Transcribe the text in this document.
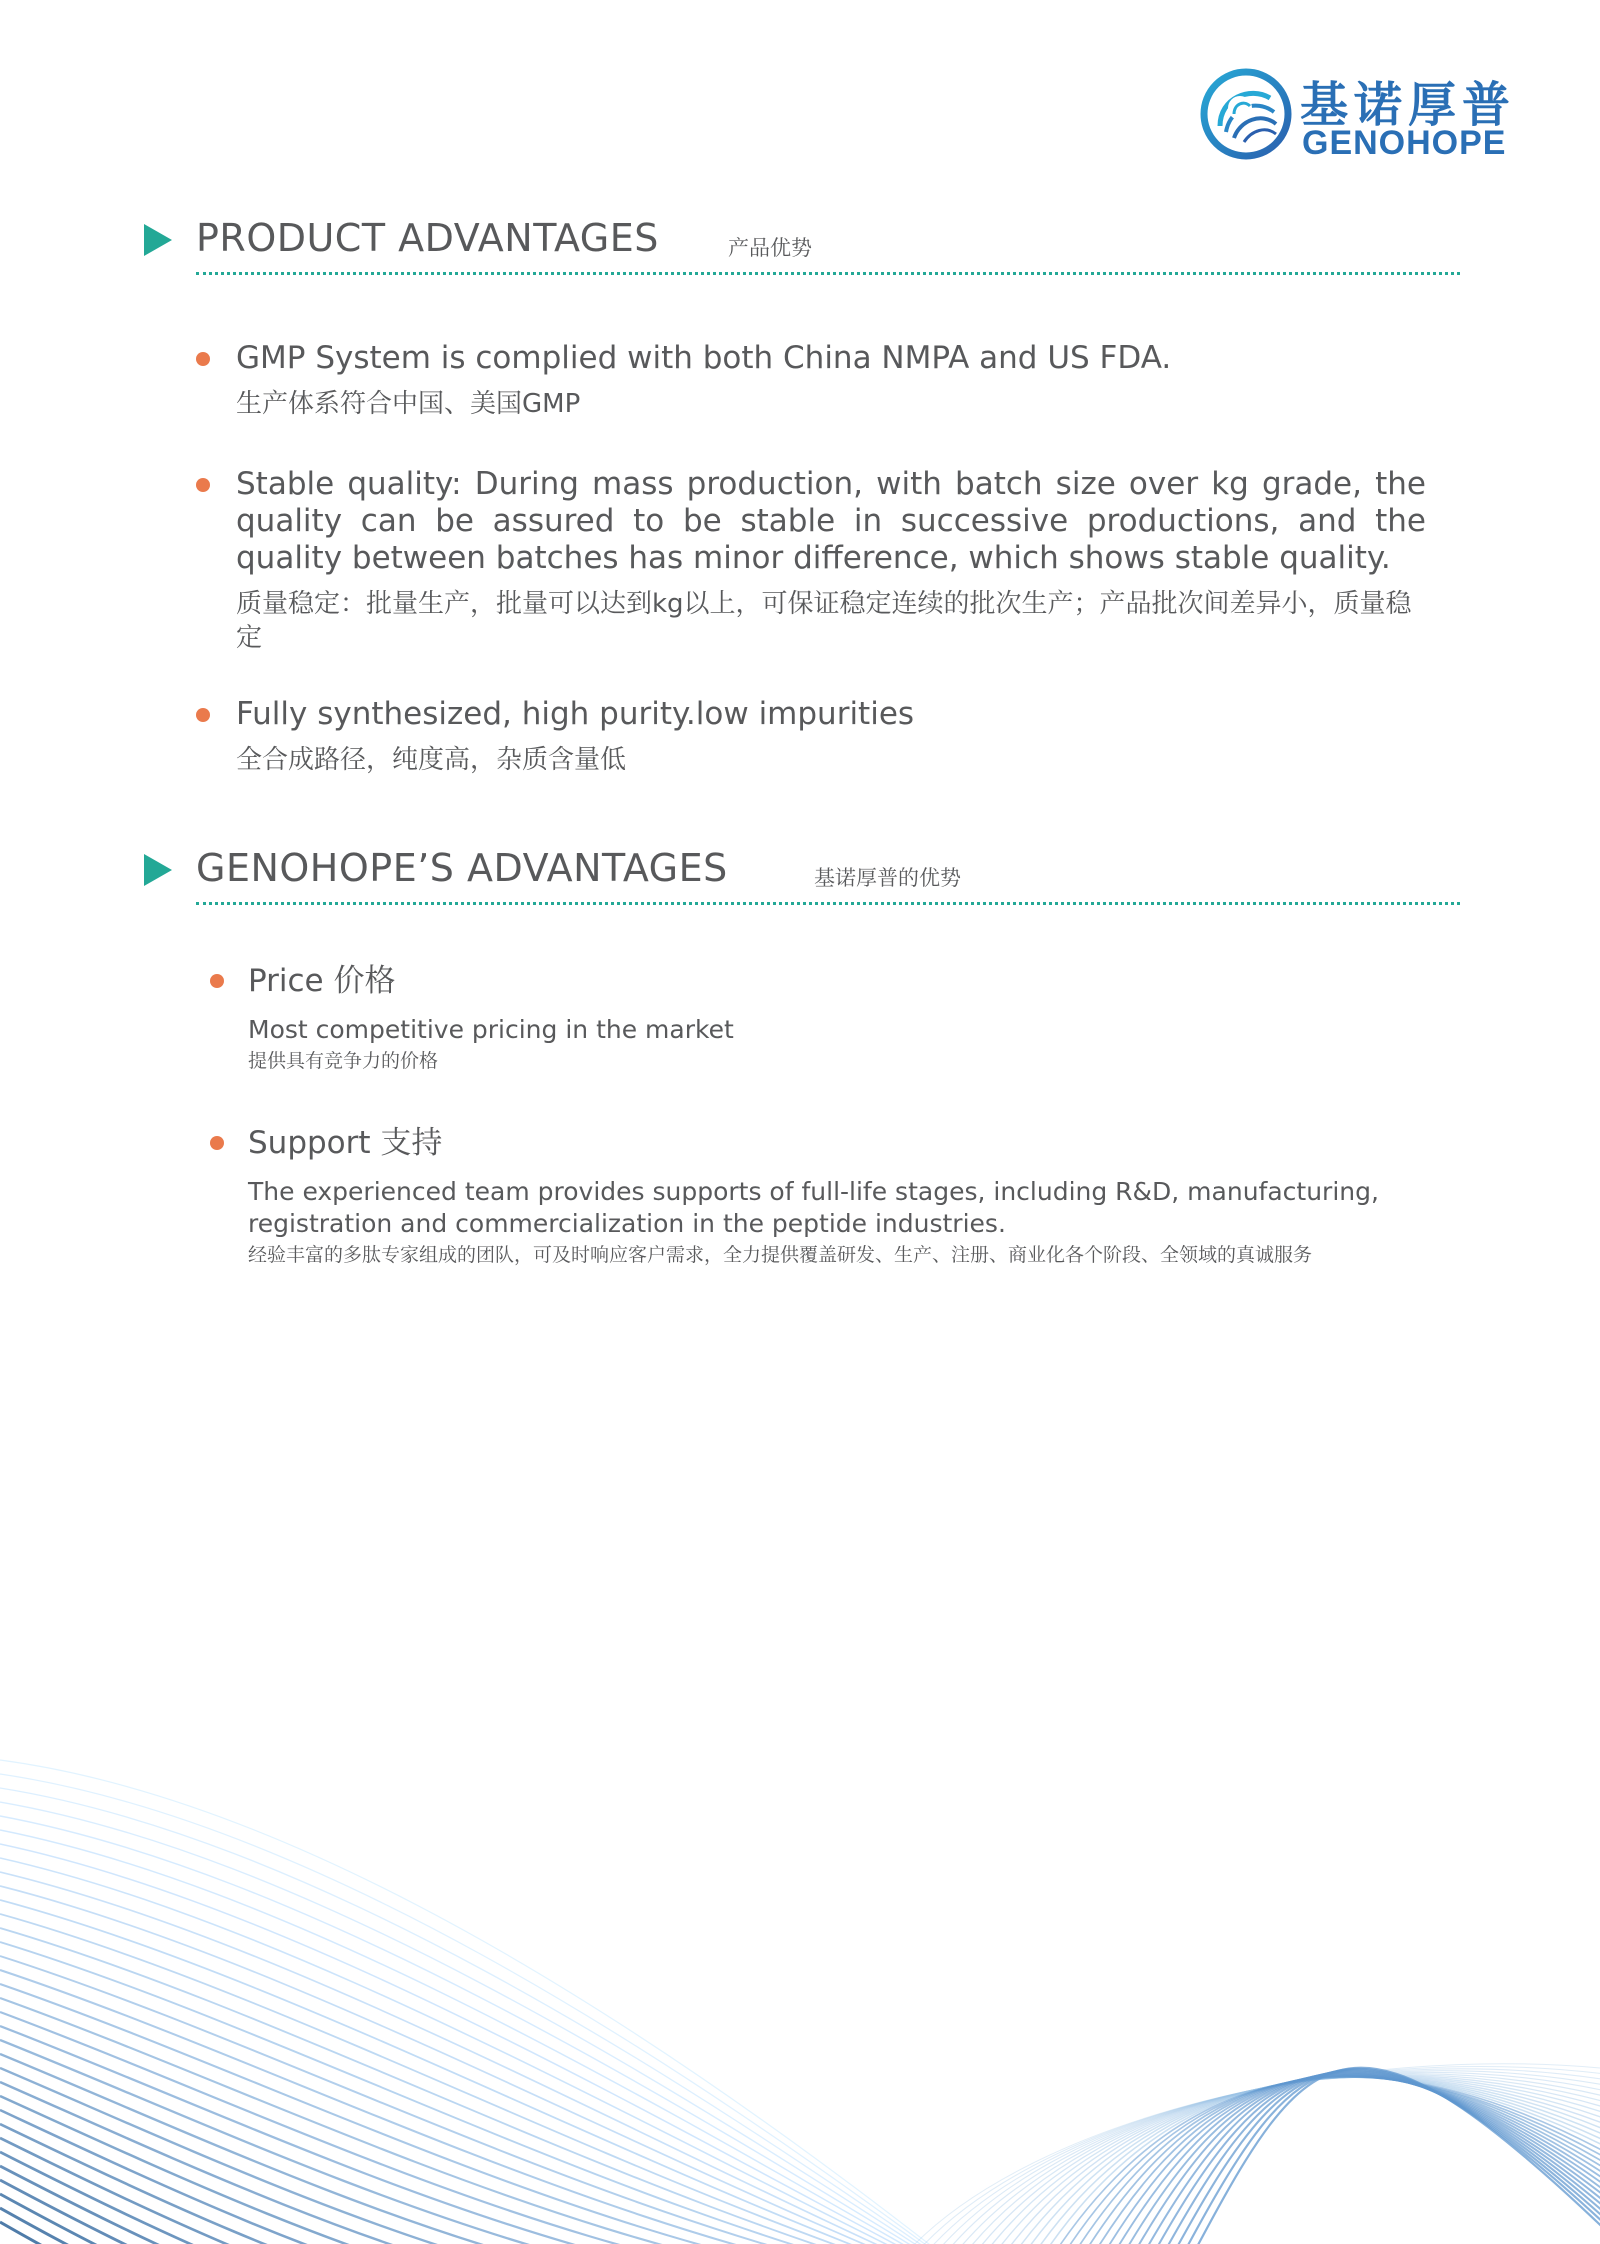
基诺厚普
GENOHOPE
PRODUCT ADVANTAGES	产品优势
GMP System is complied with both China NMPA and US FDA.
生产体系符合中国、美国GMP
Stable quality: During mass production, with batch size over kg grade, the quality can be assured to be stable in successive productions, and the quality between batches has minor difference, which shows stable quality.
质量稳定：批量生产，批量可以达到kg以上，可保证稳定连续的批次生产；产品批次间差异小，质量稳定
Fully synthesized, high purity.low impurities
全合成路径，纯度高，杂质含量低
GENOHOPE’S ADVANTAGES	基诺厚普的优势
Price 价格
Most competitive pricing in the market
提供具有竞争力的价格
Support 支持
The experienced team provides supports of full-life stages, including R&D, manufacturing, registration and commercialization in the peptide industries.
经验丰富的多肽专家组成的团队，可及时响应客户需求，全力提供覆盖研发、生产、注册、商业化各个阶段、全领域的真诚服务
